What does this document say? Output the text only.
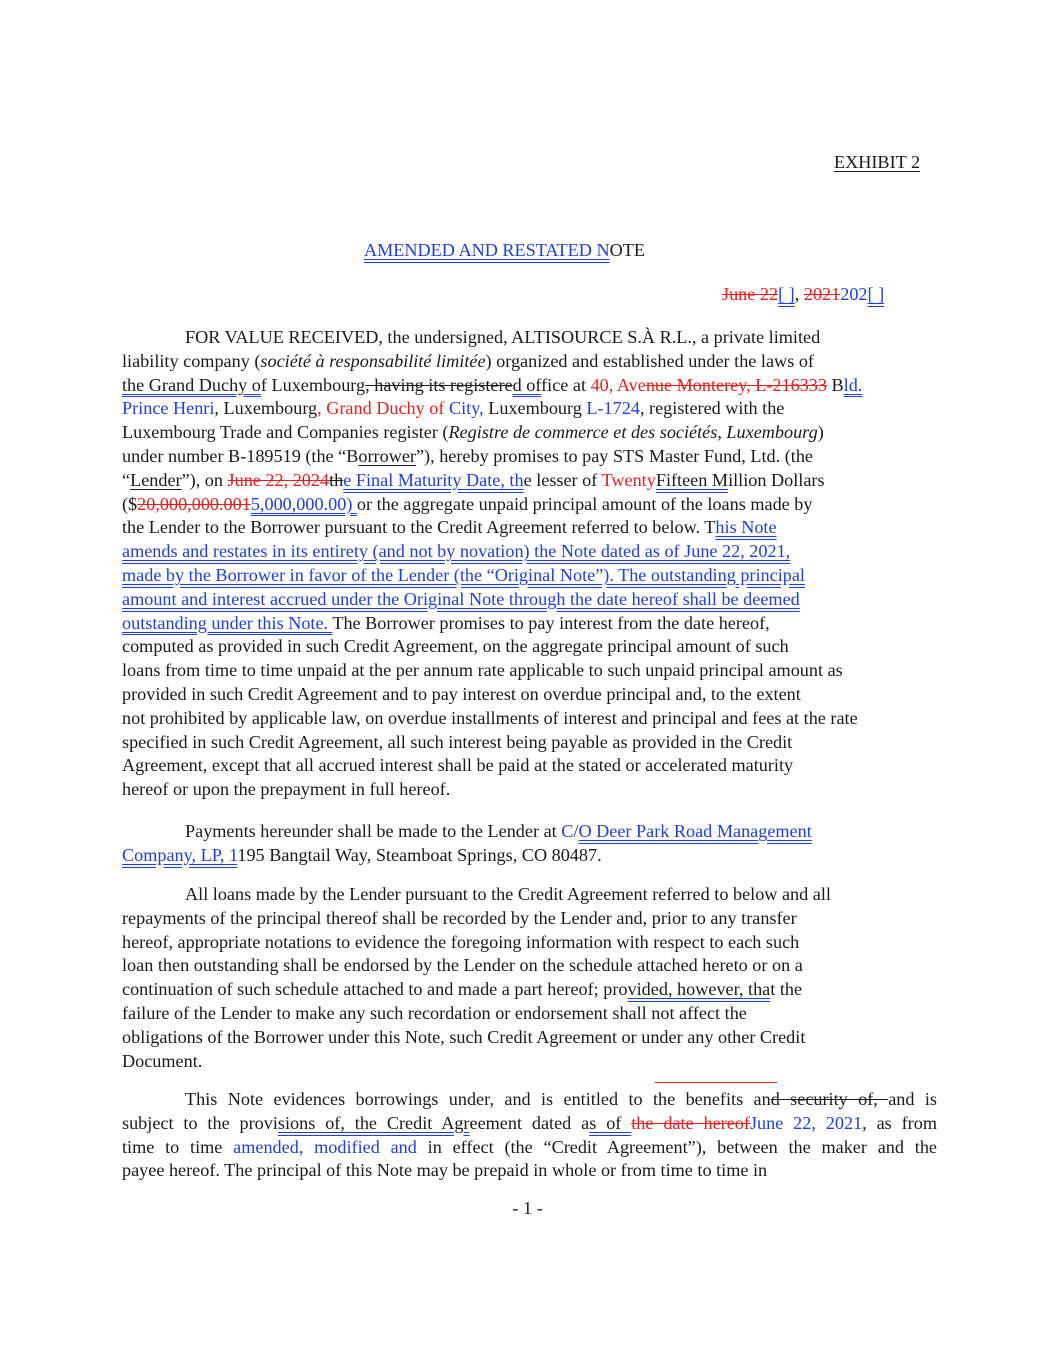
EXHIBIT 2
AMENDED AND RESTATED NOTE
June 22[ ], 2021202[ ]
FOR VALUE RECEIVED, the undersigned, ALTISOURCE S.À R.L., a private limited
liability company (société à responsabilité limitée) organized and established under the laws of
the Grand Duchy of Luxembourg, having its registered office at 40, Avenue Monterey, L-216333 Bld.
Prince Henri, Luxembourg, Grand Duchy of City, Luxembourg L-1724, registered with the
Luxembourg Trade and Companies register (Registre de commerce et des sociétés, Luxembourg)
under number B-189519 (the “Borrower”), hereby promises to pay STS Master Fund, Ltd. (the
“Lender”), on June 22, 2024the Final Maturity Date, the lesser of TwentyFifteen Million Dollars
($20,000,000.0015,000,000.00) or the aggregate unpaid principal amount of the loans made by
the Lender to the Borrower pursuant to the Credit Agreement referred to below. This Note
amends and restates in its entirety (and not by novation) the Note dated as of June 22, 2021,
made by the Borrower in favor of the Lender (the “Original Note”). The outstanding principal
amount and interest accrued under the Original Note through the date hereof shall be deemed
outstanding under this Note. The Borrower promises to pay interest from the date hereof,
computed as provided in such Credit Agreement, on the aggregate principal amount of such
loans from time to time unpaid at the per annum rate applicable to such unpaid principal amount as
provided in such Credit Agreement and to pay interest on overdue principal and, to the extent
not prohibited by applicable law, on overdue installments of interest and principal and fees at the rate
specified in such Credit Agreement, all such interest being payable as provided in the Credit
Agreement, except that all accrued interest shall be paid at the stated or accelerated maturity
hereof or upon the prepayment in full hereof.
Payments hereunder shall be made to the Lender at C/O Deer Park Road Management
Company, LP, 1195 Bangtail Way, Steamboat Springs, CO 80487.
All loans made by the Lender pursuant to the Credit Agreement referred to below and all
repayments of the principal thereof shall be recorded by the Lender and, prior to any transfer
hereof, appropriate notations to evidence the foregoing information with respect to each such
loan then outstanding shall be endorsed by the Lender on the schedule attached hereto or on a
continuation of such schedule attached to and made a part hereof; provided, however, that the
failure of the Lender to make any such recordation or endorsement shall not affect the
obligations of the Borrower under this Note, such Credit Agreement or under any other Credit
Document.
This Note evidences borrowings under, and is entitled to the benefits and security of, and is
subject to the provisions of, the Credit Agreement dated as of the date hereofJune 22, 2021, as from
time to time amended, modified and in effect (the “Credit Agreement”), between the maker and the
payee hereof. The principal of this Note may be prepaid in whole or from time to time in
- 1 -
